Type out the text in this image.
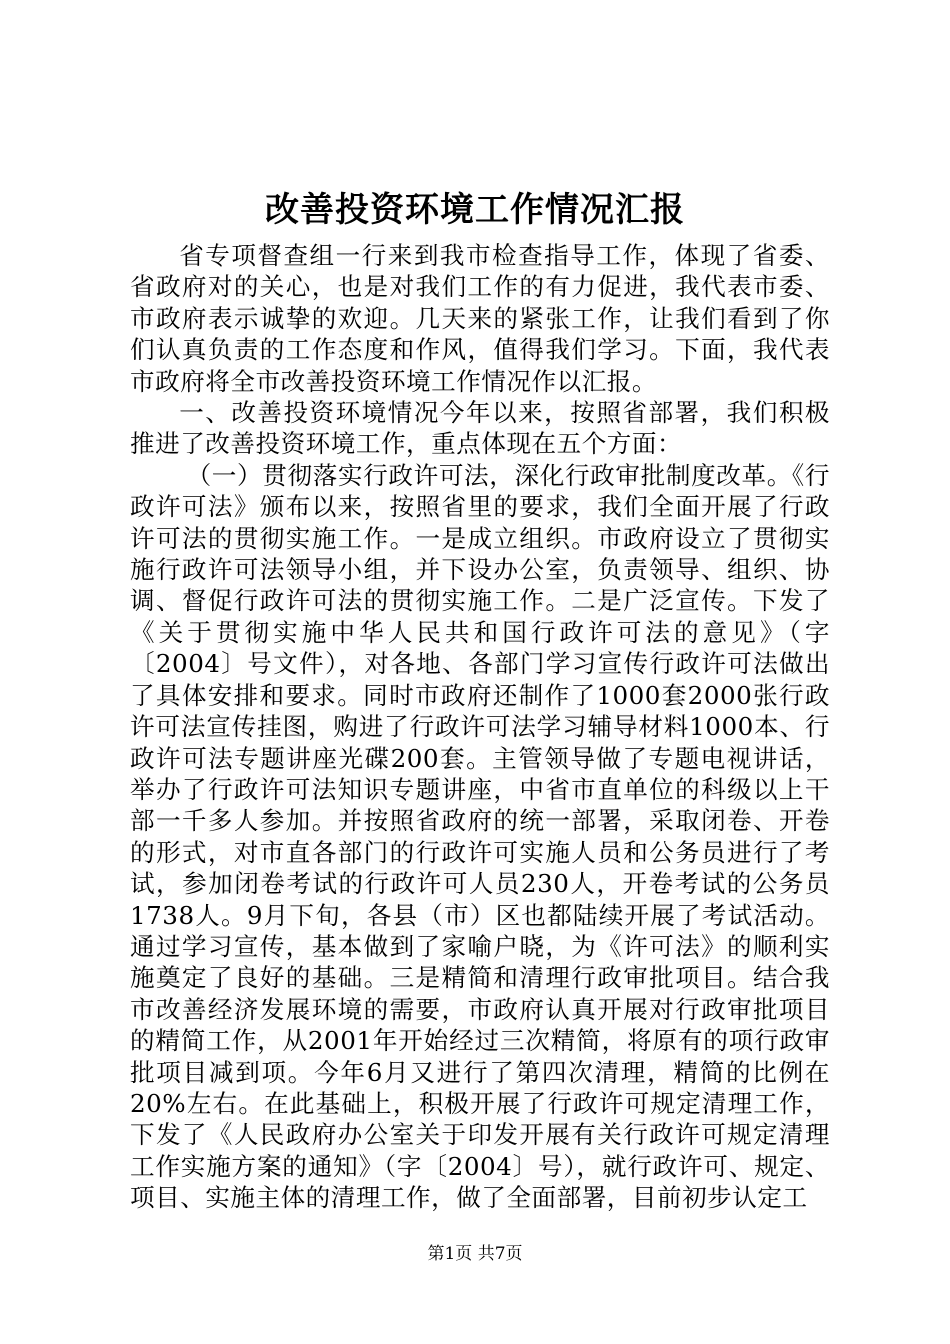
改善投资环境工作情况汇报

省专项督查组一行来到我市检查指导工作，体现了省委、省政府对的关心，也是对我们工作的有力促进，我代表市委、市政府表示诚挚的欢迎。几天来的紧张工作，让我们看到了你们认真负责的工作态度和作风，值得我们学习。下面，我代表市政府将全市改善投资环境工作情况作以汇报。

一、改善投资环境情况今年以来，按照省部署，我们积极推进了改善投资环境工作，重点体现在五个方面：

（一）贯彻落实行政许可法，深化行政审批制度改革。《行政许可法》颁布以来，按照省里的要求，我们全面开展了行政许可法的贯彻实施工作。一是成立组织。市政府设立了贯彻实施行政许可法领导小组，并下设办公室，负责领导、组织、协调、督促行政许可法的贯彻实施工作。二是广泛宣传。下发了《关于贯彻实施中华人民共和国行政许可法的意见》（字〔2004〕号文件），对各地、各部门学习宣传行政许可法做出了具体安排和要求。同时市政府还制作了1000套2000张行政许可法宣传挂图，购进了行政许可法学习辅导材料1000本、行政许可法专题讲座光碟200套。主管领导做了专题电视讲话，举办了行政许可法知识专题讲座，中省市直单位的科级以上干部一千多人参加。并按照省政府的统一部署，采取闭卷、开卷的形式，对市直各部门的行政许可实施人员和公务员进行了考试，参加闭卷考试的行政许可人员230人，开卷考试的公务员1738人。9月下旬，各县（市）区也都陆续开展了考试活动。通过学习宣传，基本做到了家喻户晓，为《许可法》的顺利实施奠定了良好的基础。三是精简和清理行政审批项目。结合我市改善经济发展环境的需要，市政府认真开展对行政审批项目的精简工作，从2001年开始经过三次精简，将原有的项行政审批项目减到项。今年6月又进行了第四次清理，精简的比例在20%左右。在此基础上，积极开展了行政许可规定清理工作，下发了《人民政府办公室关于印发开展有关行政许可规定清理工作实施方案的通知》（字〔2004〕号），就行政许可、规定、项目、实施主体的清理工作，做了全面部署，目前初步认定工

第1页 共7页
